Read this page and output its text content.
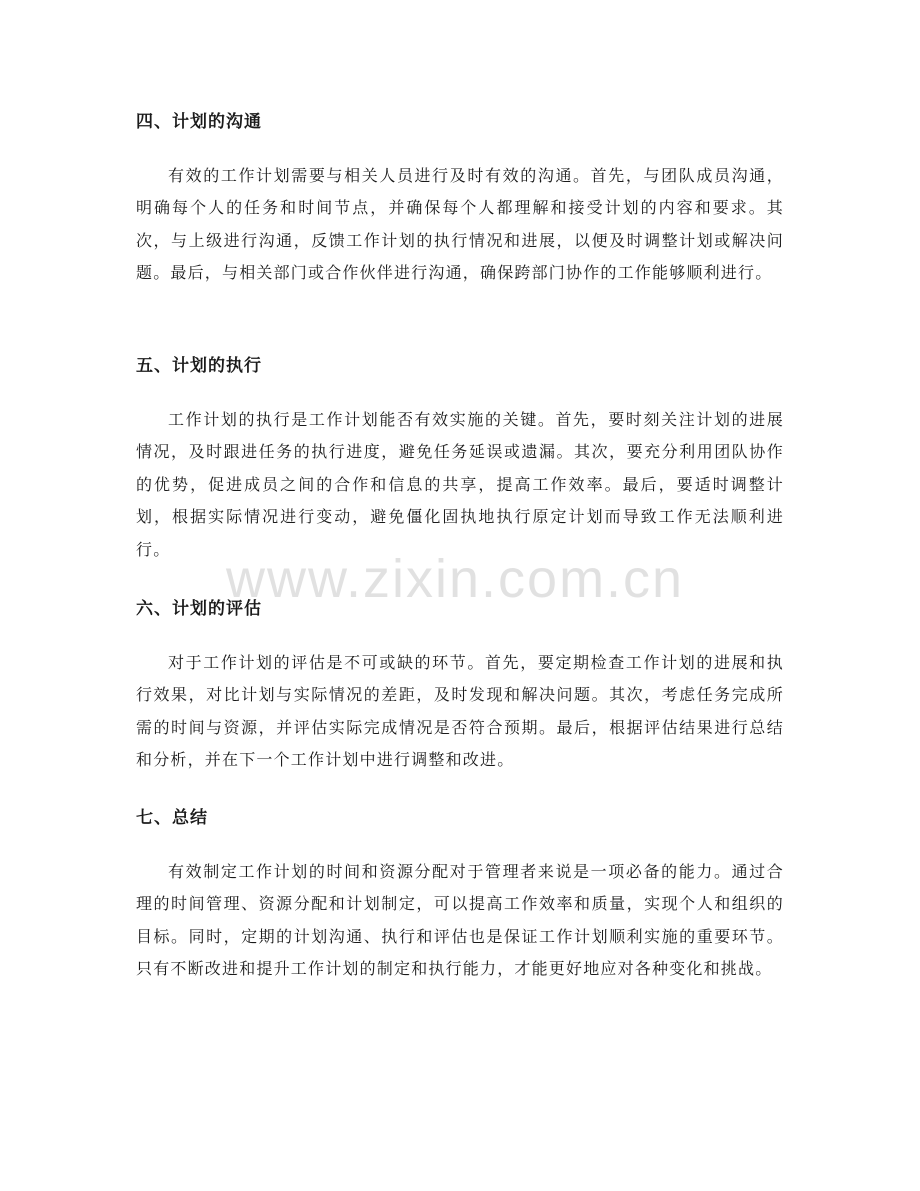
四、计划的沟通

有效的工作计划需要与相关人员进行及时有效的沟通。首先，与团队成员沟通，明确每个人的任务和时间节点，并确保每个人都理解和接受计划的内容和要求。其次，与上级进行沟通，反馈工作计划的执行情况和进展，以便及时调整计划或解决问题。最后，与相关部门或合作伙伴进行沟通，确保跨部门协作的工作能够顺利进行。

五、计划的执行

工作计划的执行是工作计划能否有效实施的关键。首先，要时刻关注计划的进展情况，及时跟进任务的执行进度，避免任务延误或遗漏。其次，要充分利用团队协作的优势，促进成员之间的合作和信息的共享，提高工作效率。最后，要适时调整计划，根据实际情况进行变动，避免僵化固执地执行原定计划而导致工作无法顺利进行。

六、计划的评估

对于工作计划的评估是不可或缺的环节。首先，要定期检查工作计划的进展和执行效果，对比计划与实际情况的差距，及时发现和解决问题。其次，考虑任务完成所需的时间与资源，并评估实际完成情况是否符合预期。最后，根据评估结果进行总结和分析，并在下一个工作计划中进行调整和改进。

七、总结

有效制定工作计划的时间和资源分配对于管理者来说是一项必备的能力。通过合理的时间管理、资源分配和计划制定，可以提高工作效率和质量，实现个人和组织的目标。同时，定期的计划沟通、执行和评估也是保证工作计划顺利实施的重要环节。只有不断改进和提升工作计划的制定和执行能力，才能更好地应对各种变化和挑战。

www.zixin.com.cn
